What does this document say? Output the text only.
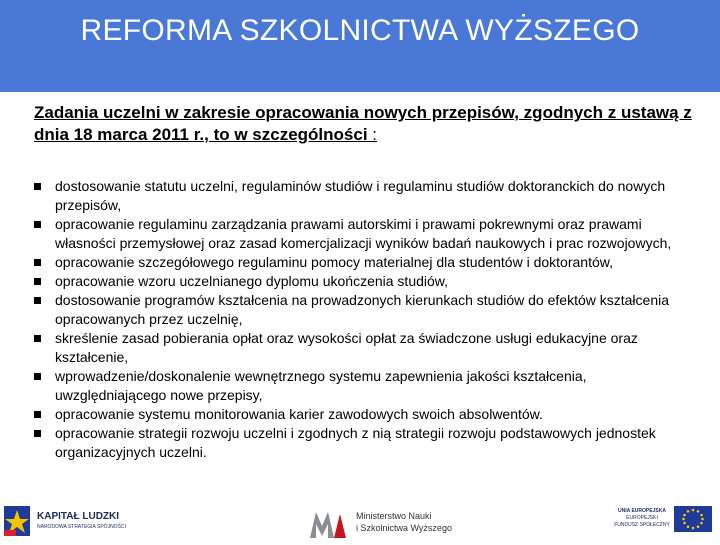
REFORMA SZKOLNICTWA WYŻSZEGO
Zadania uczelni w zakresie opracowania nowych przepisów, zgodnych z ustawą z dnia 18 marca 2011 r., to w szczególności :
dostosowanie statutu uczelni, regulaminów studiów i regulaminu studiów doktoranckich do nowych przepisów,
opracowanie regulaminu zarządzania prawami autorskimi i prawami pokrewnymi oraz prawami własności przemysłowej oraz zasad komercjalizacji wyników badań naukowych i prac rozwojowych,
opracowanie szczegółowego regulaminu pomocy materialnej dla studentów i doktorantów,
opracowanie wzoru uczelnianego dyplomu ukończenia studiów,
dostosowanie programów kształcenia na prowadzonych kierunkach studiów do efektów kształcenia opracowanych przez uczelnię,
skreślenie zasad pobierania opłat oraz wysokości opłat za świadczone usługi edukacyjne oraz kształcenie,
wprowadzenie/doskonalenie wewnętrznego systemu zapewnienia jakości kształcenia, uwzględniającego nowe przepisy,
opracowanie systemu monitorowania karier zawodowych swoich absolwentów.
opracowanie strategii rozwoju uczelni i zgodnych z nią strategii rozwoju podstawowych jednostek organizacyjnych uczelni.
KAPITAŁ LUDZKI
NARODOWA STRATEGIA SPÓJNOŚCI
Ministerstwo Nauki
i Szkolnictwa Wyższego
UNIA EUROPEJSKA
EUROPEJSKI
FUNDUSZ SPOŁECZNY
